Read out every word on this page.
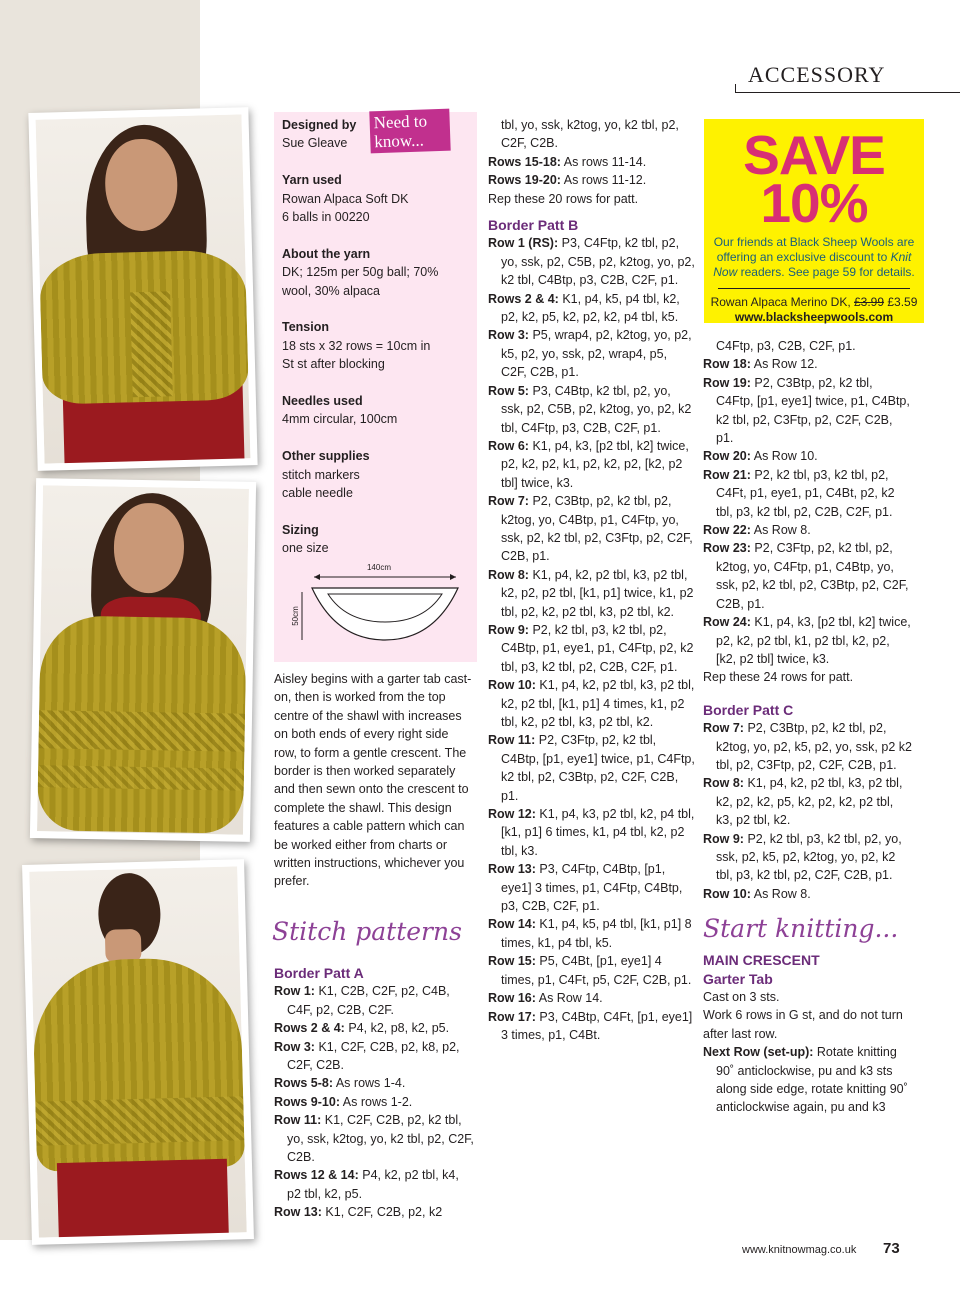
ACCESSORY
Need to know...

Designed by

Sue Gleave

Yarn used

Rowan Alpaca Soft DK
6 balls in 00220

About the yarn

DK; 125m per 50g ball; 70%
wool, 30% alpaca

Tension

18 sts x 32 rows = 10cm in
St st after blocking

Needles used

4mm circular, 100cm

Other supplies

stitch markers
cable needle

Sizing

one size

140cm
50cm

Aisley begins with a garter tab cast-on, then is worked from the top centre of the shawl with increases on both ends of every right side row, to form a gentle crescent. The border is then worked separately and then sewn onto the crescent to complete the shawl. This design features a cable pattern which can be worked either from charts or written instructions, whichever you prefer.

Stitch patterns

Border Patt A

Row 1: K1, C2B, C2F, p2, C4B, C4F, p2, C2B, C2F.

Rows 2 & 4: P4, k2, p8, k2, p5.

Row 3: K1, C2F, C2B, p2, k8, p2, C2F, C2B.

Rows 5-8: As rows 1-4.

Rows 9-10: As rows 1-2.

Row 11: K1, C2F, C2B, p2, k2 tbl, yo, ssk, k2tog, yo, k2 tbl, p2, C2F, C2B.

Rows 12 & 14: P4, k2, p2 tbl, k4, p2 tbl, k2, p5.

Row 13: K1, C2F, C2B, p2, k2

tbl, yo, ssk, k2tog, yo, k2 tbl, p2, C2F, C2B.

Rows 15-18: As rows 11-14.

Rows 19-20: As rows 11-12.

Rep these 20 rows for patt.

Border Patt B

Row 1 (RS): P3, C4Ftp, k2 tbl, p2, yo, ssk, p2, C5B, p2, k2tog, yo, p2, k2 tbl, C4Btp, p3, C2B, C2F, p1.

Rows 2 & 4: K1, p4, k5, p4 tbl, k2, p2, k2, p5, k2, p2, k2, p4 tbl, k5.

Row 3: P5, wrap4, p2, k2tog, yo, p2, k5, p2, yo, ssk, p2, wrap4, p5, C2F, C2B, p1.

Row 5: P3, C4Btp, k2 tbl, p2, yo, ssk, p2, C5B, p2, k2tog, yo, p2, k2 tbl, C4Ftp, p3, C2B, C2F, p1.

Row 6: K1, p4, k3, [p2 tbl, k2] twice, p2, k2, p2, k1, p2, k2, p2, [k2, p2 tbl] twice, k3.

Row 7: P2, C3Btp, p2, k2 tbl, p2, k2tog, yo, C4Btp, p1, C4Ftp, yo, ssk, p2, k2 tbl, p2, C3Ftp, p2, C2F, C2B, p1.

Row 8: K1, p4, k2, p2 tbl, k3, p2 tbl, k2, p2, p2 tbl, [k1, p1] twice, k1, p2 tbl, p2, k2, p2 tbl, k3, p2 tbl, k2.

Row 9: P2, k2 tbl, p3, k2 tbl, p2, C4Btp, p1, eye1, p1, C4Ftp, p2, k2 tbl, p3, k2 tbl, p2, C2B, C2F, p1.

Row 10: K1, p4, k2, p2 tbl, k3, p2 tbl, k2, p2 tbl, [k1, p1] 4 times, k1, p2 tbl, k2, p2 tbl, k3, p2 tbl, k2.

Row 11: P2, C3Ftp, p2, k2 tbl, C4Btp, [p1, eye1] twice, p1, C4Ftp, k2 tbl, p2, C3Btp, p2, C2F, C2B, p1.

Row 12: K1, p4, k3, p2 tbl, k2, p4 tbl, [k1, p1] 6 times, k1, p4 tbl, k2, p2 tbl, k3.

Row 13: P3, C4Ftp, C4Btp, [p1, eye1] 3 times, p1, C4Ftp, C4Btp, p3, C2B, C2F, p1.

Row 14: K1, p4, k5, p4 tbl, [k1, p1] 8 times, k1, p4 tbl, k5.

Row 15: P5, C4Bt, [p1, eye1] 4 times, p1, C4Ft, p5, C2F, C2B, p1.

Row 16: As Row 14.

Row 17: P3, C4Btp, C4Ft, [p1, eye1] 3 times, p1, C4Bt.

SAVE
10%
Our friends at Black Sheep Wools are offering an exclusive discount to Knit Now readers. See page 59 for details.
Rowan Alpaca Merino DK, £3.99 £3.59
www.blacksheepwools.com

C4Ftp, p3, C2B, C2F, p1.

Row 18: As Row 12.

Row 19: P2, C3Btp, p2, k2 tbl, C4Ftp, [p1, eye1] twice, p1, C4Btp, k2 tbl, p2, C3Ftp, p2, C2F, C2B, p1.

Row 20: As Row 10.

Row 21: P2, k2 tbl, p3, k2 tbl, p2, C4Ft, p1, eye1, p1, C4Bt, p2, k2 tbl, p3, k2 tbl, p2, C2B, C2F, p1.

Row 22: As Row 8.

Row 23: P2, C3Ftp, p2, k2 tbl, p2, k2tog, yo, C4Ftp, p1, C4Btp, yo, ssk, p2, k2 tbl, p2, C3Btp, p2, C2F, C2B, p1.

Row 24: K1, p4, k3, [p2 tbl, k2] twice, p2, k2, p2 tbl, k1, p2 tbl, k2, p2, [k2, p2 tbl] twice, k3.

Rep these 24 rows for patt.

Border Patt C

Row 7: P2, C3Btp, p2, k2 tbl, p2, k2tog, yo, p2, k5, p2, yo, ssk, p2 k2 tbl, p2, C3Ftp, p2, C2F, C2B, p1.

Row 8: K1, p4, k2, p2 tbl, k3, p2 tbl, k2, p2, k2, p5, k2, p2, k2, p2 tbl, k3, p2 tbl, k2.

Row 9: P2, k2 tbl, p3, k2 tbl, p2, yo, ssk, p2, k5, p2, k2tog, yo, p2, k2 tbl, p3, k2 tbl, p2, C2F, C2B, p1.

Row 10: As Row 8.

Start knitting...

MAIN CRESCENT

Garter Tab

Cast on 3 sts.

Work 6 rows in G st, and do not turn after last row.

Next Row (set-up): Rotate knitting 90˚ anticlockwise, pu and k3 sts along side edge, rotate knitting 90˚ anticlockwise again, pu and k3

www.knitnowmag.co.uk 73
